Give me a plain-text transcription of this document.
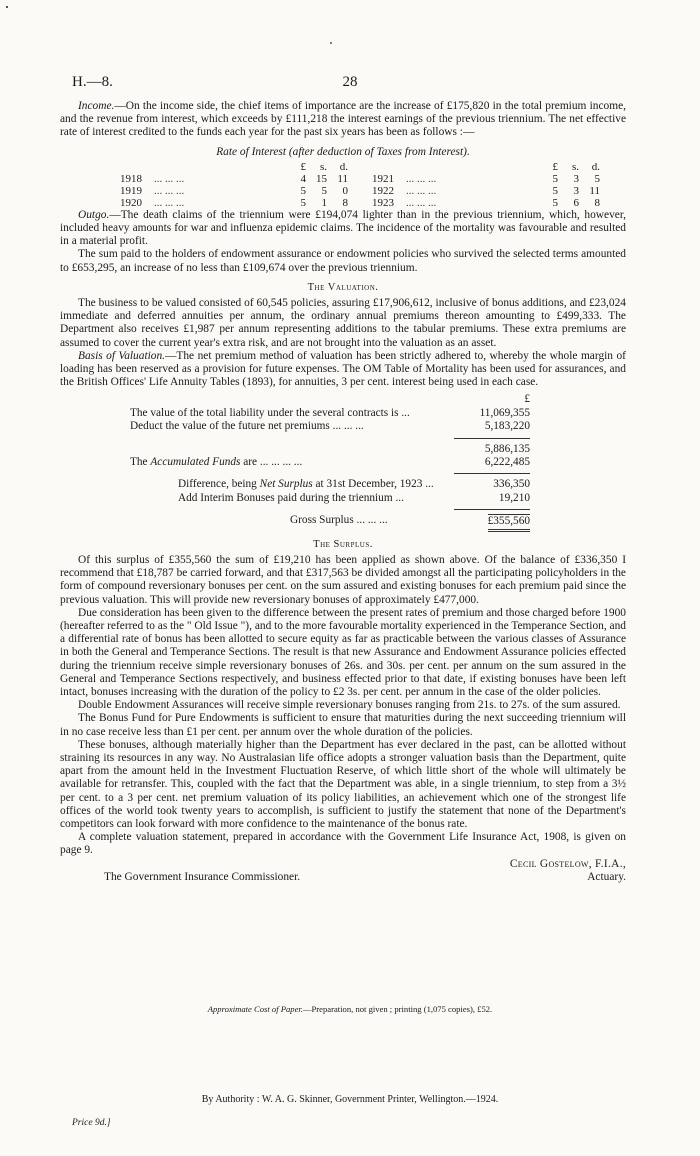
H.—8.	28

Income.—On the income side, the chief items of importance are the increase of £175,820 in the total premium income, and the revenue from interest, which exceeds by £111,218 the interest earnings of the previous triennium. The net effective rate of interest credited to the funds each year for the past six years has been as follows :—

Rate of Interest (after deduction of Taxes from Interest).
£	s.	d.
1918	... ... ...	4 15 11
1919	... ... ...	5	5	0
1920	... ... ...	5	1	8
£	s.	d.
1921	... ... ...	5	3	5
1922	... ... ...	5	3 11
1923	... ... ...	5	6	8

Outgo.—The death claims of the triennium were £194,074 lighter than in the previous triennium, which, however, included heavy amounts for war and influenza epidemic claims. The incidence of the mortality was favourable and resulted in a material profit.

The sum paid to the holders of endowment assurance or endowment policies who survived the selected terms amounted to £653,295, an increase of no less than £109,674 over the previous triennium.

The Valuation.

The business to be valued consisted of 60,545 policies, assuring £17,906,612, inclusive of bonus additions, and £23,024 immediate and deferred annuities per annum, the ordinary annual premiums thereon amounting to £499,333. The Department also receives £1,987 per annum representing additions to the tabular premiums. These extra premiums are assumed to cover the current year's extra risk, and are not brought into the valuation as an asset.

Basis of Valuation.—The net premium method of valuation has been strictly adhered to, whereby the whole margin of loading has been reserved as a provision for future expenses. The OM Table of Mortality has been used for assurances, and the British Offices' Life Annuity Tables (1893), for annuities, 3 per cent. interest being used in each case.

£
The value of the total liability under the several contracts is ...	11,069,355
Deduct the value of the future net premiums ... ... ...	5,183,220
5,886,135
The Accumulated Funds are ... ... ... ...	6,222,485
Difference, being Net Surplus at 31st December, 1923 ...	336,350
Add Interim Bonuses paid during the triennium ...	19,210
Gross Surplus ... ... ...	£355,560
The Surplus.

Of this surplus of £355,560 the sum of £19,210 has been applied as shown above. Of the balance of £336,350 I recommend that £18,787 be carried forward, and that £317,563 be divided amongst all the participating policyholders in the form of compound reversionary bonuses per cent. on the sum assured and existing bonuses for each premium paid since the previous valuation. This will provide new reversionary bonuses of approximately £477,000.

Due consideration has been given to the difference between the present rates of premium and those charged before 1900 (hereafter referred to as the " Old Issue "), and to the more favourable mortality experienced in the Temperance Section, and a differential rate of bonus has been allotted to secure equity as far as practicable between the various classes of Assurance in both the General and Temperance Sections. The result is that new Assurance and Endowment Assurance policies effected during the triennium receive simple reversionary bonuses of 26s. and 30s. per cent. per annum on the sum assured in the General and Temperance Sections respectively, and business effected prior to that date, if existing bonuses have been left intact, bonuses increasing with the duration of the policy to £2 3s. per cent. per annum in the case of the older policies.

Double Endowment Assurances will receive simple reversionary bonuses ranging from 21s. to 27s. of the sum assured.

The Bonus Fund for Pure Endowments is sufficient to ensure that maturities during the next succeeding triennium will in no case receive less than £1 per cent. per annum over the whole duration of the policies.

These bonuses, although materially higher than the Department has ever declared in the past, can be allotted without straining its resources in any way. No Australasian life office adopts a stronger valuation basis than the Department, quite apart from the amount held in the Investment Fluctuation Reserve, of which little short of the whole will ultimately be available for retransfer. This, coupled with the fact that the Department was able, in a single triennium, to step from a 3½ per cent. to a 3 per cent. net premium valuation of its policy liabilities, an achievement which one of the strongest life offices of the world took twenty years to accomplish, is sufficient to justify the statement that none of the Department's competitors can look forward with more confidence to the maintenance of the bonus rate.

A complete valuation statement, prepared in accordance with the Government Life Insurance Act, 1908, is given on page 9.

Cecil Gostelow, F.I.A.,
Actuary.
The Government Insurance Commissioner.
Approximate Cost of Paper.—Preparation, not given ; printing (1,075 copies), £52.
By Authority : W. A. G. Skinner, Government Printer, Wellington.—1924.
Price 9d.]
